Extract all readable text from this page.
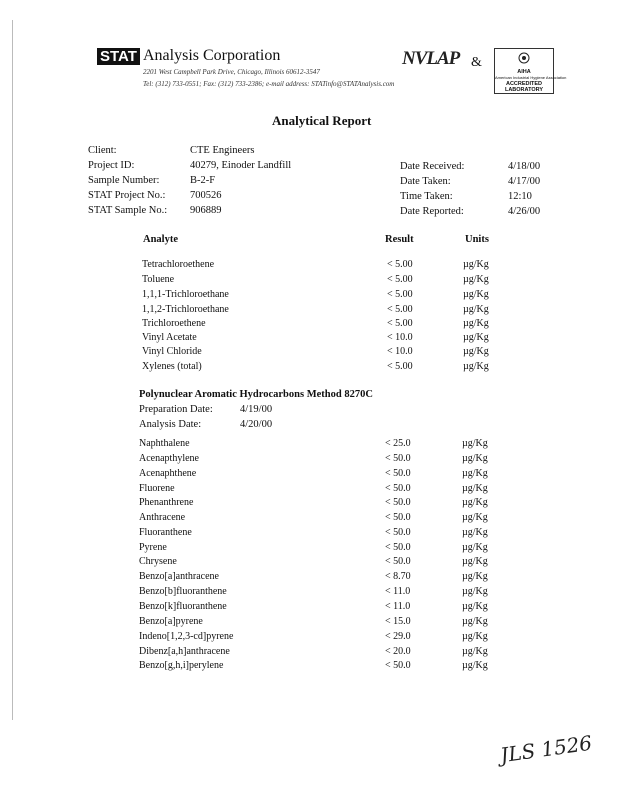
STAT Analysis Corporation
2201 West Campbell Park Drive, Chicago, Illinois 60612-3547
Tel: (312) 733-0551; Fax: (312) 733-2386; e-mail address: STATinfo@STATAnalysis.com
NVLAP &
AIHA
American Industrial Hygiene Association
ACCREDITED
LABORATORY
Analytical Report
Client:	CTE Engineers
Project ID:	40279, Einoder Landfill
Sample Number:	B-2-F
STAT Project No.: 700526
STAT Sample No.: 906889
Date Received:	4/18/00
Date Taken:	4/17/00
Time Taken:	12:10
Date Reported:	4/26/00
Analyte	Result	Units
Tetrachloroethene	< 5.00	µg/Kg
Toluene	< 5.00	µg/Kg
1,1,1-Trichloroethane	< 5.00	µg/Kg
1,1,2-Trichloroethane	< 5.00	µg/Kg
Trichloroethene	< 5.00	µg/Kg
Vinyl Acetate	< 10.0	µg/Kg
Vinyl Chloride	< 10.0	µg/Kg
Xylenes (total)	< 5.00	µg/Kg
Polynuclear Aromatic Hydrocarbons Method 8270C
Preparation Date:	4/19/00
Analysis Date:	4/20/00
Naphthalene	< 25.0	µg/Kg
Acenapthylene	< 50.0	µg/Kg
Acenaphthene	< 50.0	µg/Kg
Fluorene	< 50.0	µg/Kg
Phenanthrene	< 50.0	µg/Kg
Anthracene	< 50.0	µg/Kg
Fluoranthene	< 50.0	µg/Kg
Pyrene	< 50.0	µg/Kg
Chrysene	< 50.0	µg/Kg
Benzo[a]anthracene	< 8.70	µg/Kg
Benzo[b]fluoranthene	< 11.0	µg/Kg
Benzo[k]fluoranthene	< 11.0	µg/Kg
Benzo[a]pyrene	< 15.0	µg/Kg
Indeno[1,2,3-cd]pyrene	< 29.0	µg/Kg
Dibenz[a,h]anthracene	< 20.0	µg/Kg
Benzo[g,h,i]perylene	< 50.0	µg/Kg
JLS 1526
